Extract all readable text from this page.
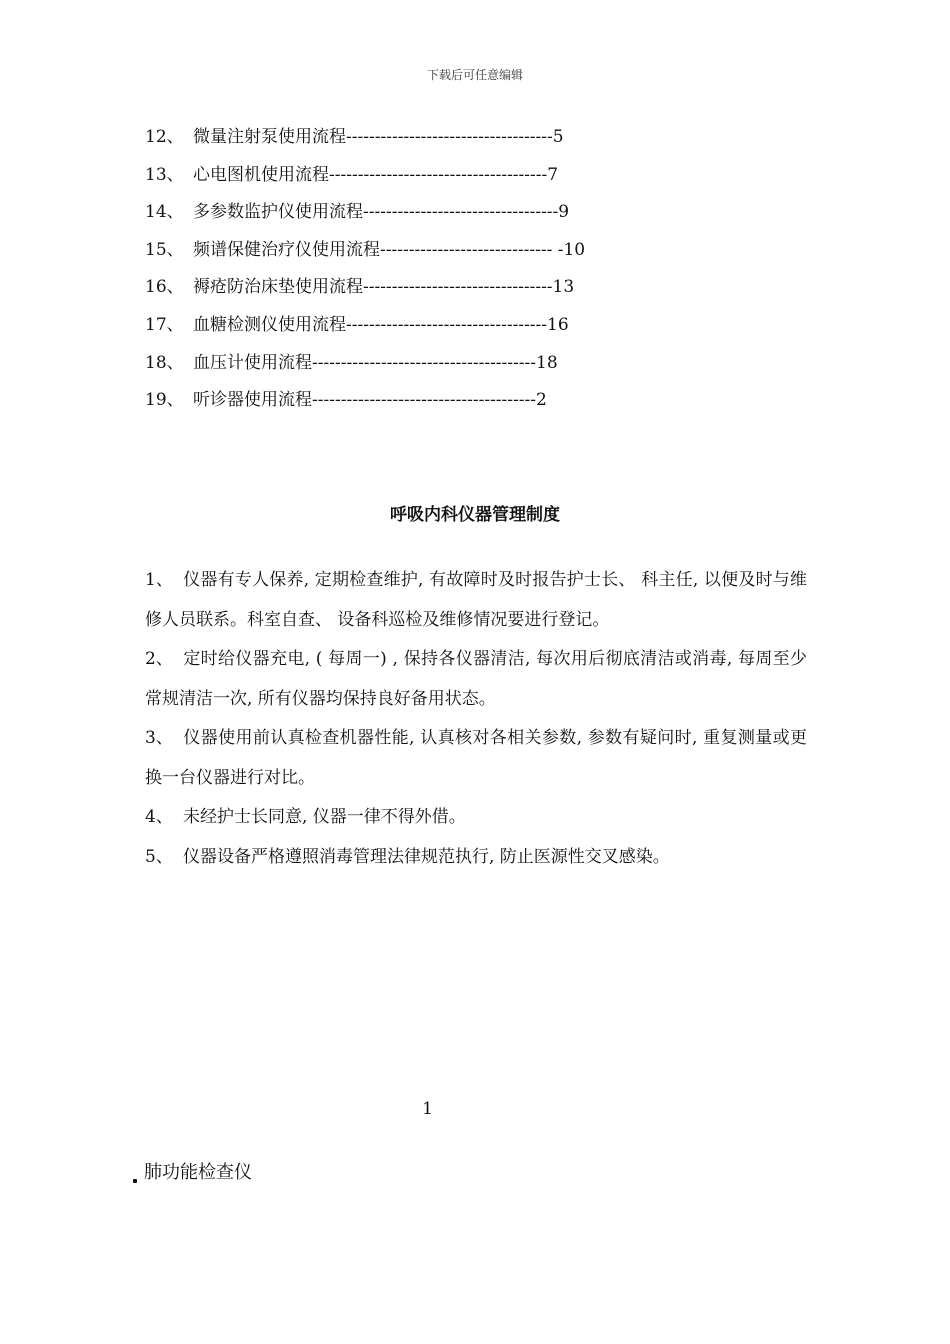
下载后可任意编辑
12、 微量注射泵使用流程------------------------------------5
13、 心电图机使用流程--------------------------------------7
14、 多参数监护仪使用流程----------------------------------9
15、 频谱保健治疗仪使用流程------------------------------ -10
16、 褥疮防治床垫使用流程---------------------------------13
17、 血糖检测仪使用流程-----------------------------------16
18、 血压计使用流程---------------------------------------18
19、 听诊器使用流程---------------------------------------2
呼吸内科仪器管理制度

1、 仪器有专人保养, 定期检查维护, 有故障时及时报告护士长、 科主任, 以便及时与维修人员联系。科室自查、 设备科巡检及维修情况要进行登记。

2、 定时给仪器充电, ( 每周一) , 保持各仪器清洁, 每次用后彻底清洁或消毒, 每周至少常规清洁一次, 所有仪器均保持良好备用状态。

3、 仪器使用前认真检查机器性能, 认真核对各相关参数, 参数有疑问时, 重复测量或更换一台仪器进行对比。

4、 未经护士长同意, 仪器一律不得外借。

5、 仪器设备严格遵照消毒管理法律规范执行, 防止医源性交叉感染。

1
肺功能检查仪
